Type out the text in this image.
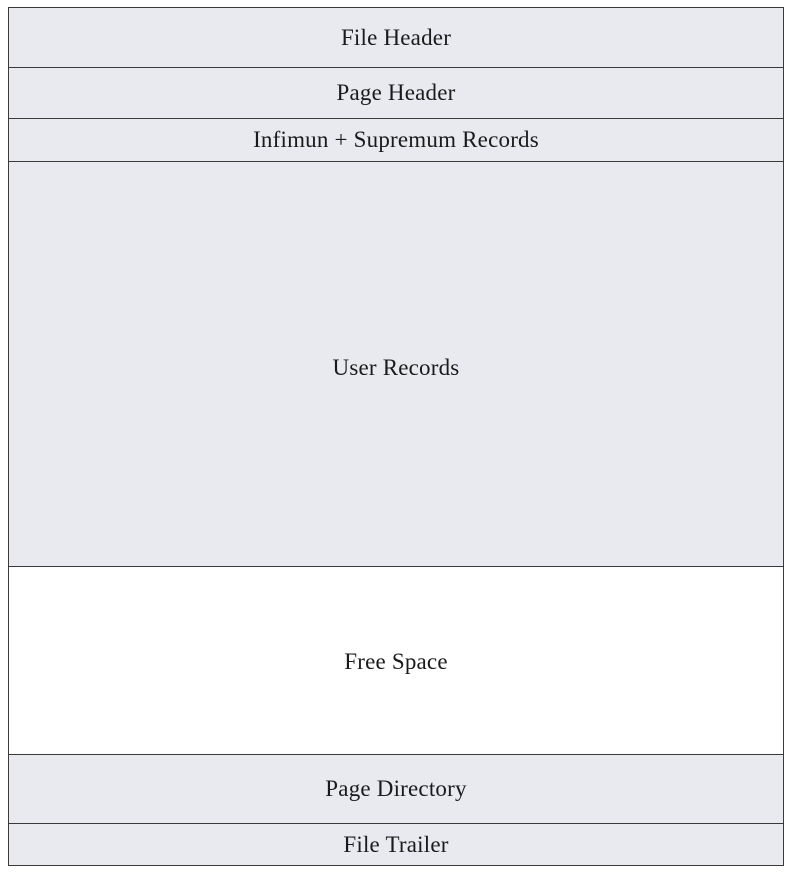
File Header
Page Header
Infimun + Supremum Records
User Records
Free Space
Page Directory
File Trailer
